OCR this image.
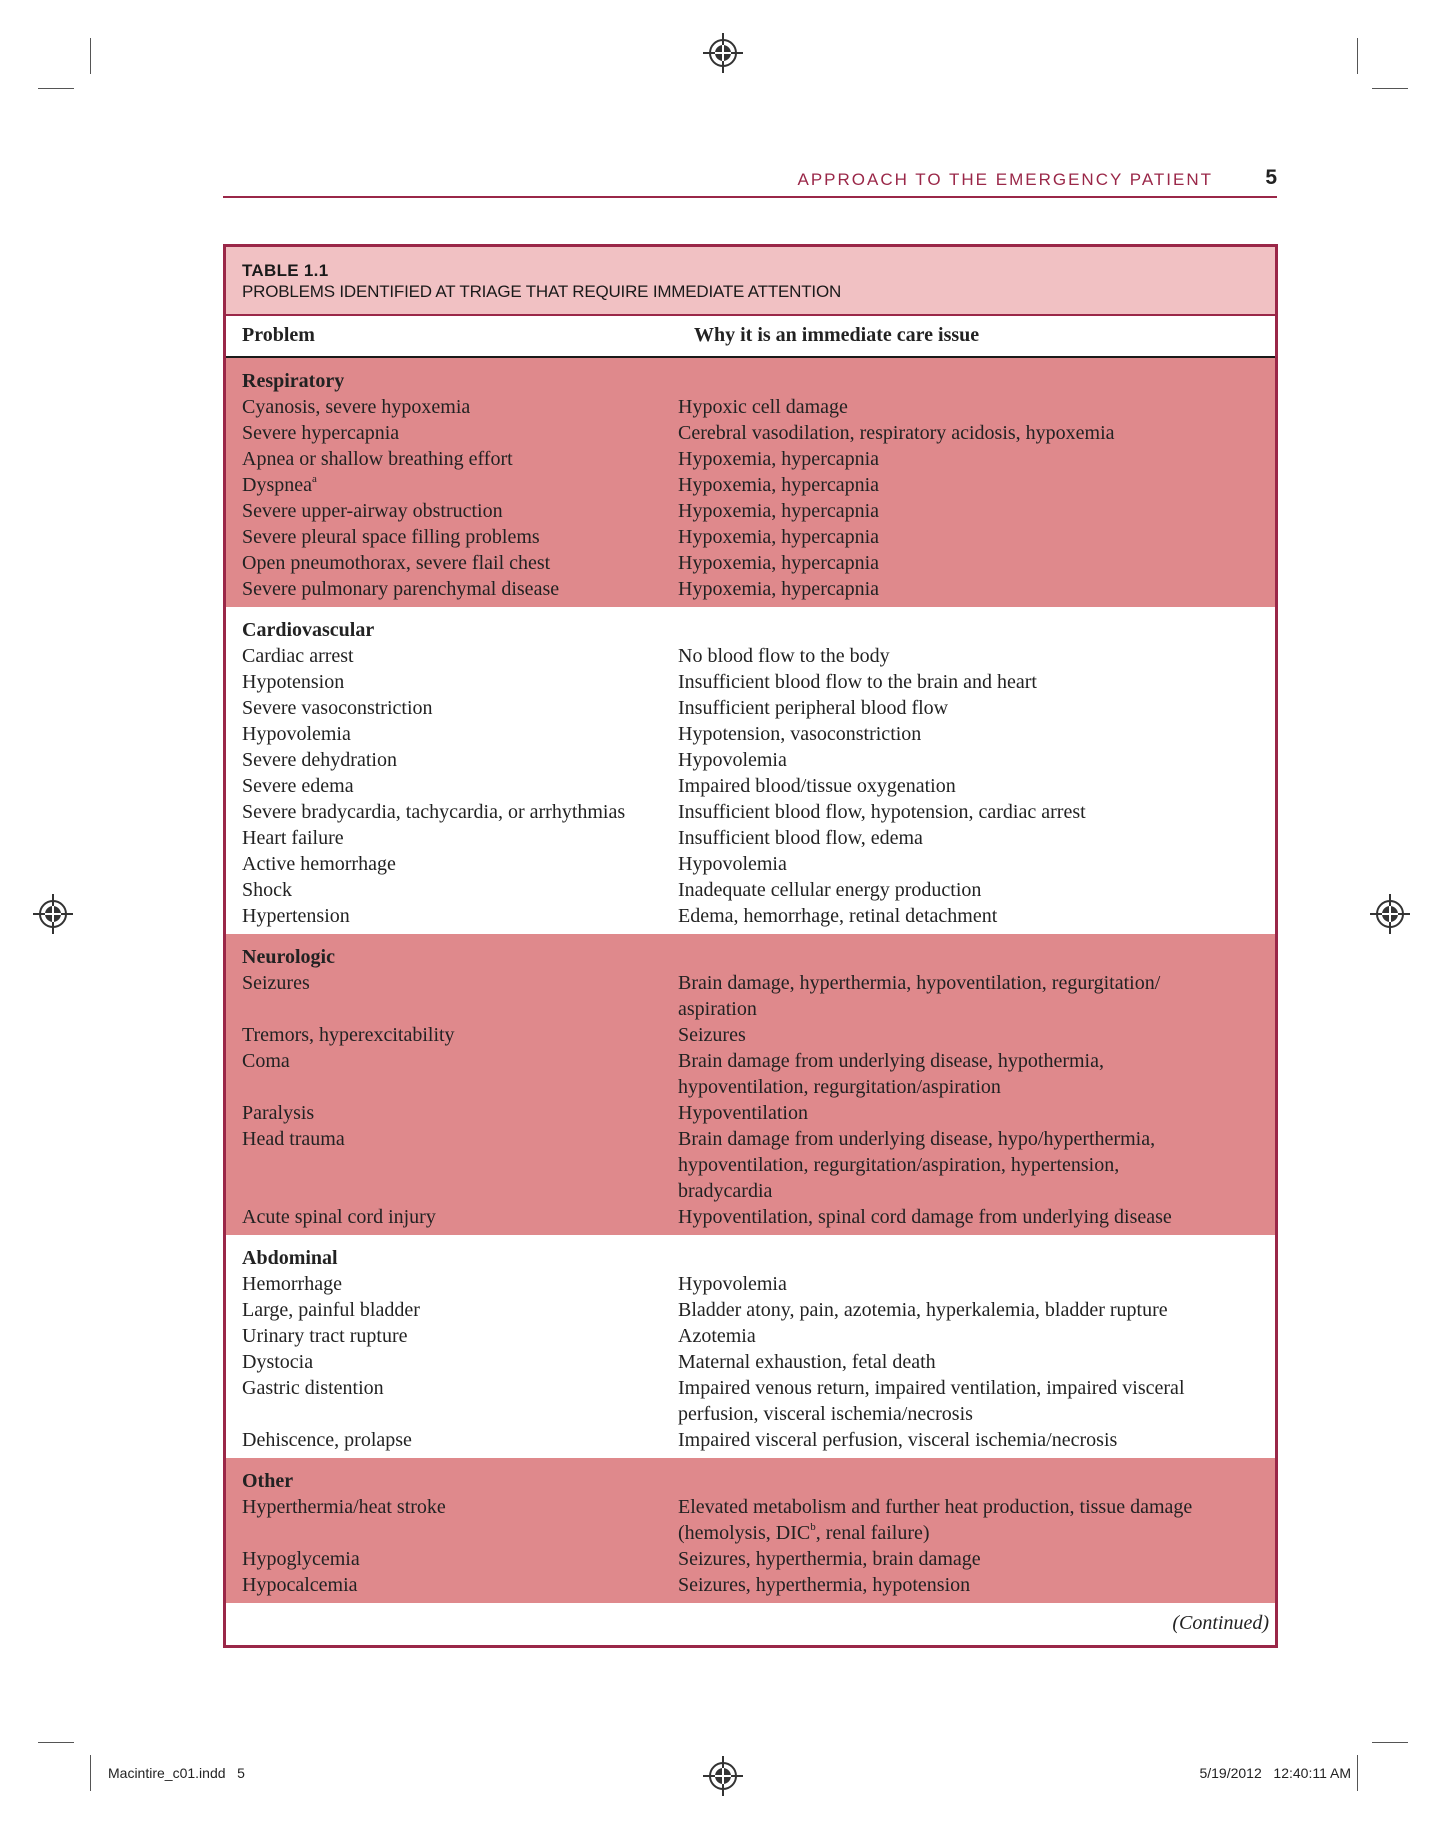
APPROACH TO THE EMERGENCY PATIENT 5
TABLE 1.1
PROBLEMS IDENTIFIED AT TRIAGE THAT REQUIRE IMMEDIATE ATTENTION
Problem	Why it is an immediate care issue
Respiratory
Cyanosis, severe hypoxemia	Hypoxic cell damage
Severe hypercapnia	Cerebral vasodilation, respiratory acidosis, hypoxemia
Apnea or shallow breathing effort	Hypoxemia, hypercapnia
Dyspnea$^a$	Hypoxemia, hypercapnia
Severe upper-airway obstruction	Hypoxemia, hypercapnia
Severe pleural space filling problems	Hypoxemia, hypercapnia
Open pneumothorax, severe flail chest	Hypoxemia, hypercapnia
Severe pulmonary parenchymal disease	Hypoxemia, hypercapnia
Cardiovascular
Cardiac arrest	No blood flow to the body
Hypotension	Insufficient blood flow to the brain and heart
Severe vasoconstriction	Insufficient peripheral blood flow
Hypovolemia	Hypotension, vasoconstriction
Severe dehydration	Hypovolemia
Severe edema	Impaired blood/tissue oxygenation
Severe bradycardia, tachycardia, or arrhythmias	Insufficient blood flow, hypotension, cardiac arrest
Heart failure	Insufficient blood flow, edema
Active hemorrhage	Hypovolemia
Shock	Inadequate cellular energy production
Hypertension	Edema, hemorrhage, retinal detachment
Neurologic
Seizures	Brain damage, hyperthermia, hypoventilation, regurgitation/
aspiration
Tremors, hyperexcitability	Seizures
Coma	Brain damage from underlying disease, hypothermia,
hypoventilation, regurgitation/aspiration
Paralysis	Hypoventilation
Head trauma	Brain damage from underlying disease, hypo/hyperthermia,
hypoventilation, regurgitation/aspiration, hypertension,
bradycardia
Acute spinal cord injury	Hypoventilation, spinal cord damage from underlying disease
Abdominal
Hemorrhage	Hypovolemia
Large, painful bladder	Bladder atony, pain, azotemia, hyperkalemia, bladder rupture
Urinary tract rupture	Azotemia
Dystocia	Maternal exhaustion, fetal death
Gastric distention	Impaired venous return, impaired ventilation, impaired visceral
perfusion, visceral ischemia/necrosis
Dehiscence, prolapse	Impaired visceral perfusion, visceral ischemia/necrosis
Other
Hyperthermia/heat stroke	Elevated metabolism and further heat production, tissue damage
(hemolysis, DIC$^b$, renal failure)
Hypoglycemia	Seizures, hyperthermia, brain damage
Hypocalcemia	Seizures, hyperthermia, hypotension
(Continued)
Macintire_c01.indd   5	5/19/2012   12:40:11 AM
